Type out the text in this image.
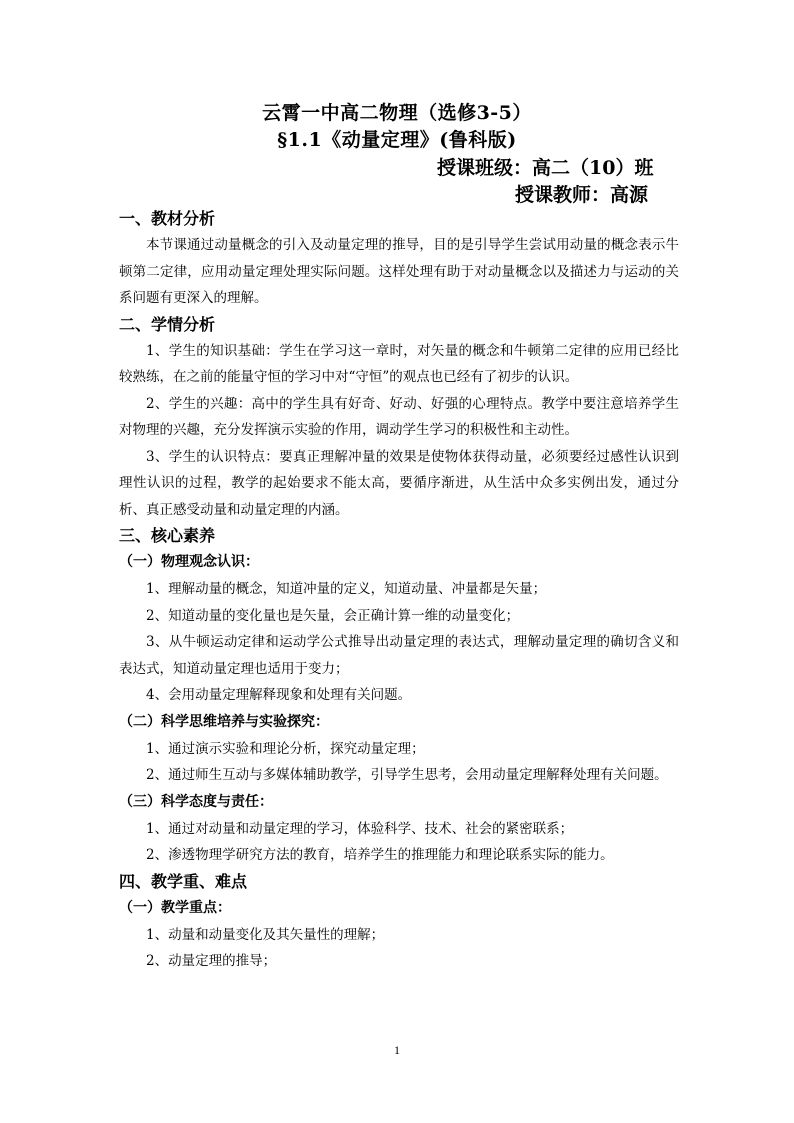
云霄一中高二物理（选修3-5）
§1.1《动量定理》(鲁科版)
授课班级：高二（10）班
授课教师：高源
一、教材分析

本节课通过动量概念的引入及动量定理的推导，目的是引导学生尝试用动量的概念表示牛顿第二定律，应用动量定理处理实际问题。这样处理有助于对动量概念以及描述力与运动的关系问题有更深入的理解。

二、学情分析

1、学生的知识基础：学生在学习这一章时，对矢量的概念和牛顿第二定律的应用已经比较熟练，在之前的能量守恒的学习中对“守恒”的观点也已经有了初步的认识。

2、学生的兴趣：高中的学生具有好奇、好动、好强的心理特点。教学中要注意培养学生对物理的兴趣，充分发挥演示实验的作用，调动学生学习的积极性和主动性。

3、学生的认识特点：要真正理解冲量的效果是使物体获得动量，必须要经过感性认识到理性认识的过程，教学的起始要求不能太高，要循序渐进，从生活中众多实例出发，通过分析、真正感受动量和动量定理的内涵。

三、核心素养
（一）物理观念认识：
1、理解动量的概念，知道冲量的定义，知道动量、冲量都是矢量；
2、知道动量的变化量也是矢量，会正确计算一维的动量变化；

3、从牛顿运动定律和运动学公式推导出动量定理的表达式，理解动量定理的确切含义和表达式，知道动量定理也适用于变力；

4、会用动量定理解释现象和处理有关问题。
（二）科学思维培养与实验探究：
1、通过演示实验和理论分析，探究动量定理；

2、通过师生互动与多媒体辅助教学，引导学生思考，会用动量定理解释处理有关问题。

（三）科学态度与责任：
1、通过对动量和动量定理的学习，体验科学、技术、社会的紧密联系；
2、渗透物理学研究方法的教育，培养学生的推理能力和理论联系实际的能力。
四、教学重、难点
（一）教学重点：
1、动量和动量变化及其矢量性的理解；
2、动量定理的推导；
1
